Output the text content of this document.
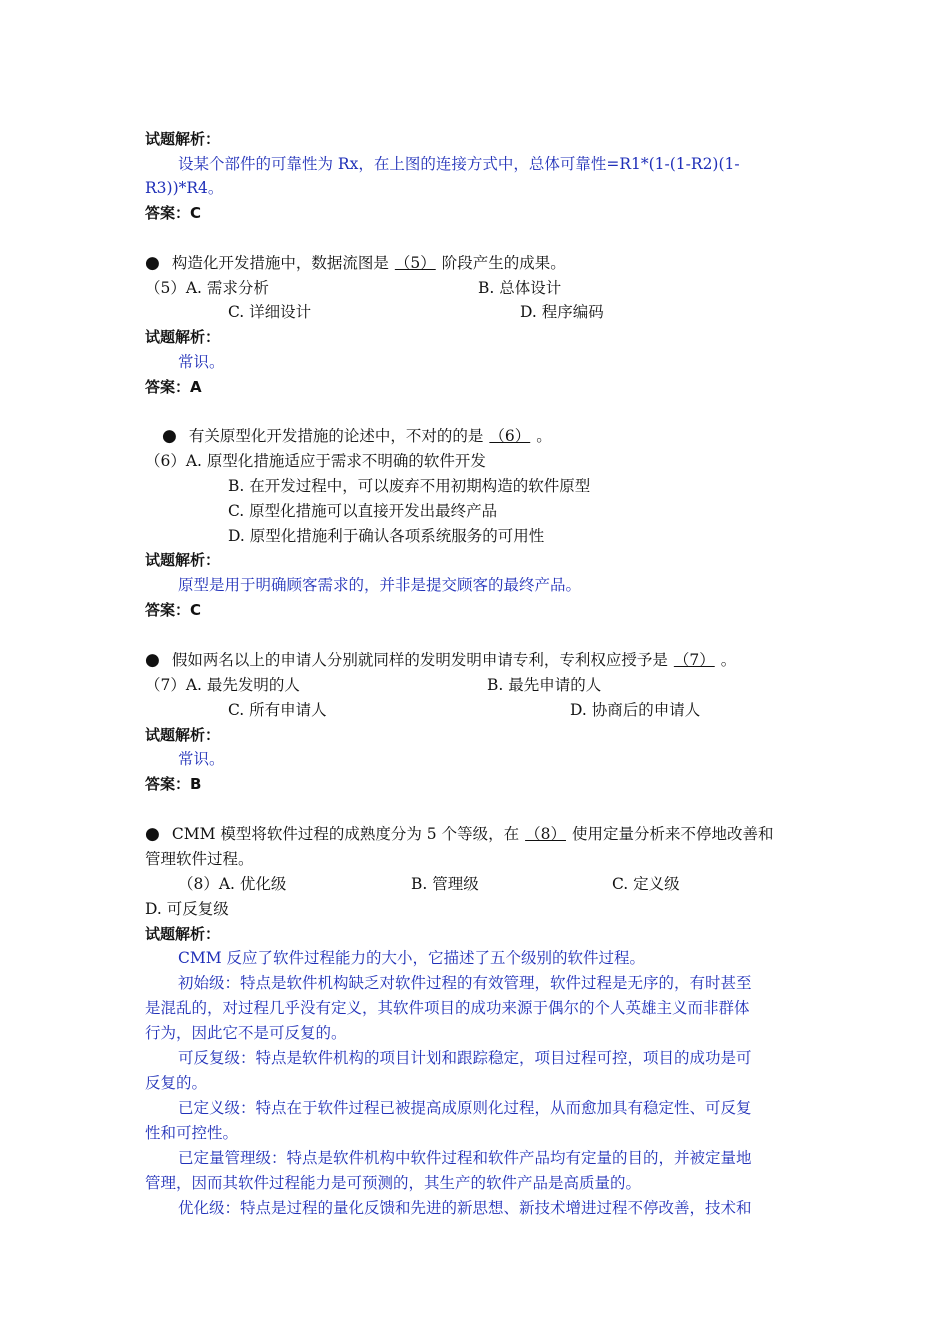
试题解析：
设某个部件的可靠性为 Rx，在上图的连接方式中，总体可靠性=R1*(1-(1-R2)(1-
R3))*R4。
答案：C
● 构造化开发措施中，数据流图是 （5） 阶段产生的成果。
（5）A. 需求分析	B. 总体设计
C. 详细设计	D. 程序编码
试题解析：
常识。
答案：A
● 有关原型化开发措施的论述中，不对的的是 （6） 。
（6）A. 原型化措施适应于需求不明确的软件开发
B. 在开发过程中，可以废弃不用初期构造的软件原型
C. 原型化措施可以直接开发出最终产品
D. 原型化措施利于确认各项系统服务的可用性
试题解析：
原型是用于明确顾客需求的，并非是提交顾客的最终产品。
答案：C
● 假如两名以上的申请人分别就同样的发明发明申请专利，专利权应授予是 （7） 。
（7）A. 最先发明的人	B. 最先申请的人
C. 所有申请人	D. 协商后的申请人
试题解析：
常识。
答案：B
● CMM 模型将软件过程的成熟度分为 5 个等级，在 （8） 使用定量分析来不停地改善和
管理软件过程。
（8）A. 优化级	B. 管理级	C. 定义级
D. 可反复级
试题解析：
CMM 反应了软件过程能力的大小，它描述了五个级别的软件过程。
初始级：特点是软件机构缺乏对软件过程的有效管理，软件过程是无序的，有时甚至
是混乱的，对过程几乎没有定义，其软件项目的成功来源于偶尔的个人英雄主义而非群体
行为，因此它不是可反复的。
可反复级：特点是软件机构的项目计划和跟踪稳定，项目过程可控，项目的成功是可
反复的。
已定义级：特点在于软件过程已被提高成原则化过程，从而愈加具有稳定性、可反复
性和可控性。
已定量管理级：特点是软件机构中软件过程和软件产品均有定量的目的，并被定量地
管理，因而其软件过程能力是可预测的，其生产的软件产品是高质量的。
优化级：特点是过程的量化反馈和先进的新思想、新技术增进过程不停改善，技术和
